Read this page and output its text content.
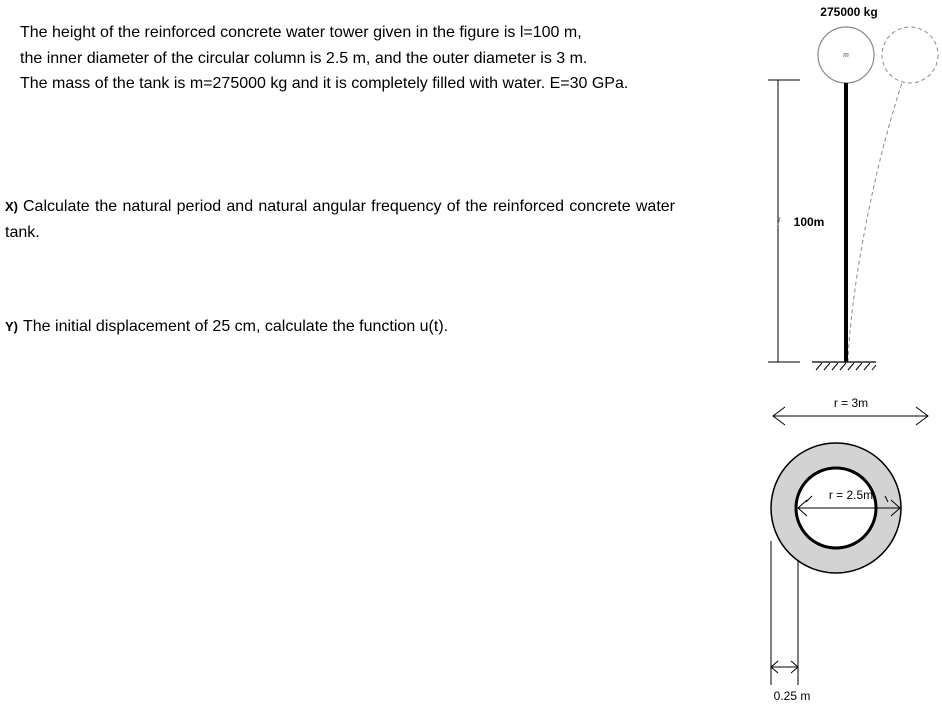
The height of the reinforced concrete water tower given in the figure is l=100 m,
the inner diameter of the circular column is 2.5 m, and the outer diameter is 3 m.
The mass of the tank is m=275000 kg and it is completely filled with water. E=30 GPa.
X) Calculate the natural period and natural angular frequency of the reinforced concrete water tank.
Y) The initial displacement of 25 cm, calculate the function u(t).
275000 kg
m
100m
r = 3m
r = 2.5m
0.25 m
